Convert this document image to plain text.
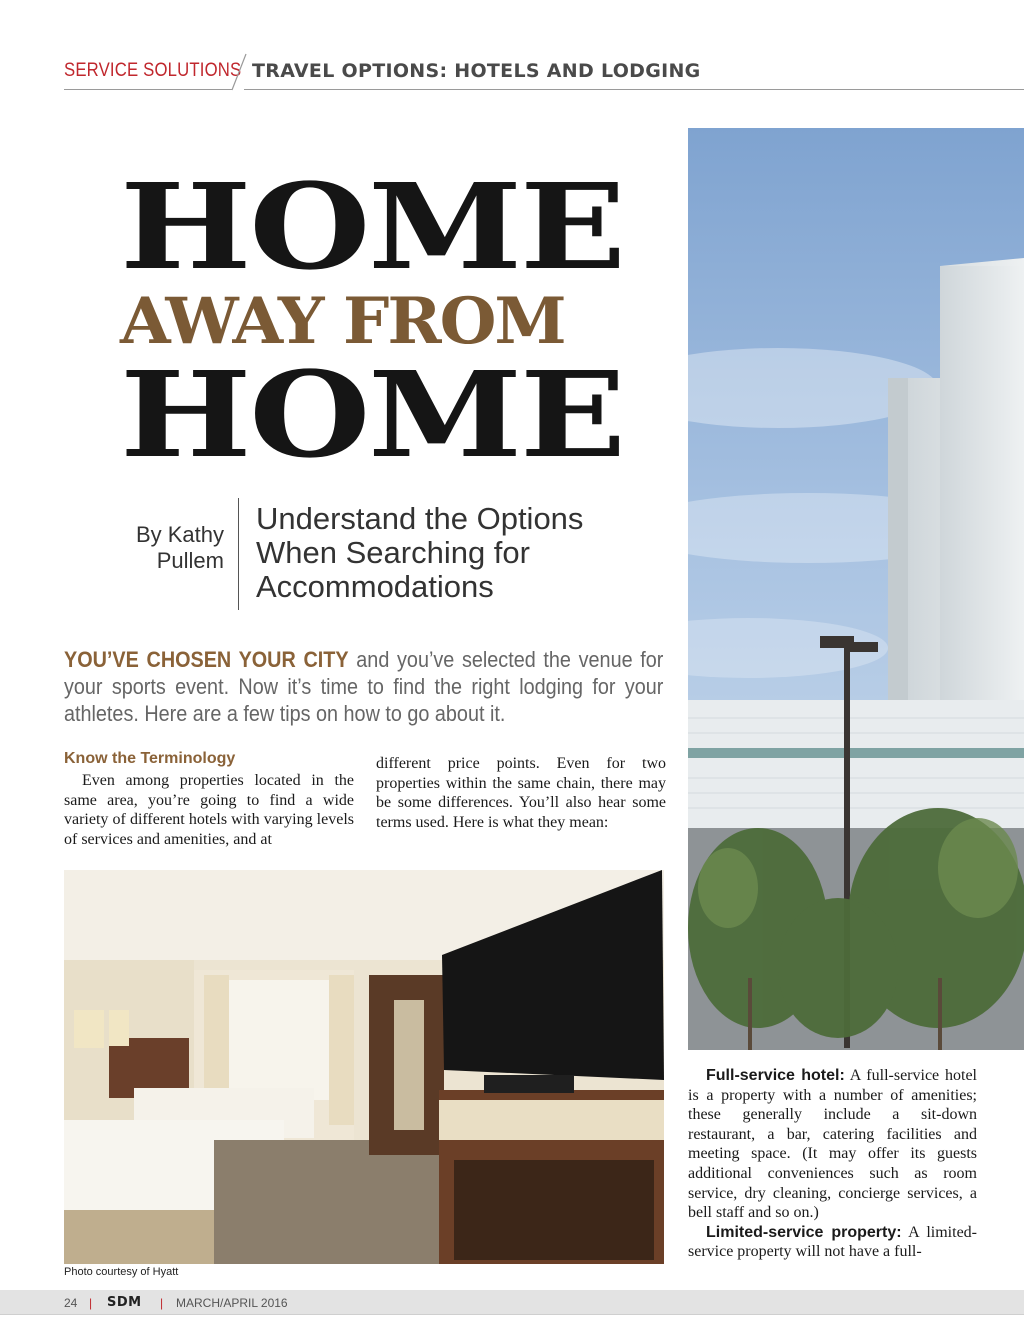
SERVICE SOLUTIONS TRAVEL OPTIONS: HOTELS AND LODGING
HOME
AWAY FROM
HOME
By Kathy Pullem
Understand the Options When Searching for Accommodations
YOU’VE CHOSEN YOUR CITY and you’ve selected the venue for your sports event. Now it’s time to find the right lodging for your athletes. Here are a few tips on how to go about it.
Know the Terminology

Even among properties located in the same area, you’re going to find a wide variety of different hotels with varying levels of services and amenities, and at

different price points. Even for two properties within the same chain, there may be some differences. You’ll also hear some terms used. Here is what they mean:

Full-service hotel: A full-service hotel is a property with a number of amenities; these generally include a sit-down restaurant, a bar, catering facilities and meeting space. (It may offer its guests additional conveniences such as room service, dry cleaning, concierge services, a bell staff and so on.)

Limited-service property: A limited-service property will not have a full-

Photo courtesy of Hyatt
24 | SDM | MARCH/APRIL 2016
